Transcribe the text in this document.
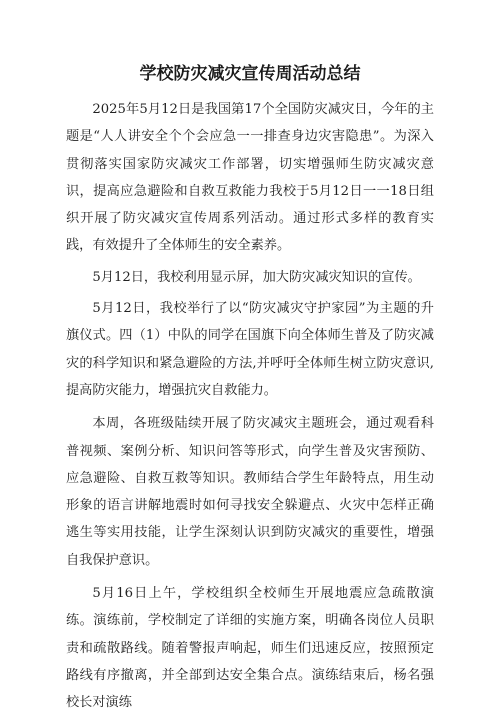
学校防灾减灾宣传周活动总结

2025年5月12日是我国第17个全国防灾减灾日，今年的主题是“人人讲安全个个会应急一一排查身边灾害隐患”。为深入贯彻落实国家防灾减灾工作部署，切实增强师生防灾减灾意识，提高应急避险和自救互救能力我校于5月12日一一18日组织开展了防灾减灾宣传周系列活动。通过形式多样的教育实践，有效提升了全体师生的安全素养。

5月12日，我校利用显示屏，加大防灾减灾知识的宣传。

5月12日，我校举行了以“防灾减灾守护家园”为主题的升旗仪式。四（1）中队的同学在国旗下向全体师生普及了防灾减灾的科学知识和紧急避险的方法,并呼吁全体师生树立防灾意识,提高防灾能力，增强抗灾自救能力。

本周，各班级陆续开展了防灾减灾主题班会，通过观看科普视频、案例分析、知识问答等形式，向学生普及灾害预防、应急避险、自救互救等知识。教师结合学生年龄特点，用生动形象的语言讲解地震时如何寻找安全躲避点、火灾中怎样正确逃生等实用技能，让学生深刻认识到防灾减灾的重要性，增强自我保护意识。

5月16日上午，学校组织全校师生开展地震应急疏散演练。演练前，学校制定了详细的实施方案，明确各岗位人员职责和疏散路线。随着警报声响起，师生们迅速反应，按照预定路线有序撤离，并全部到达安全集合点。演练结束后，杨名强校长对演练
